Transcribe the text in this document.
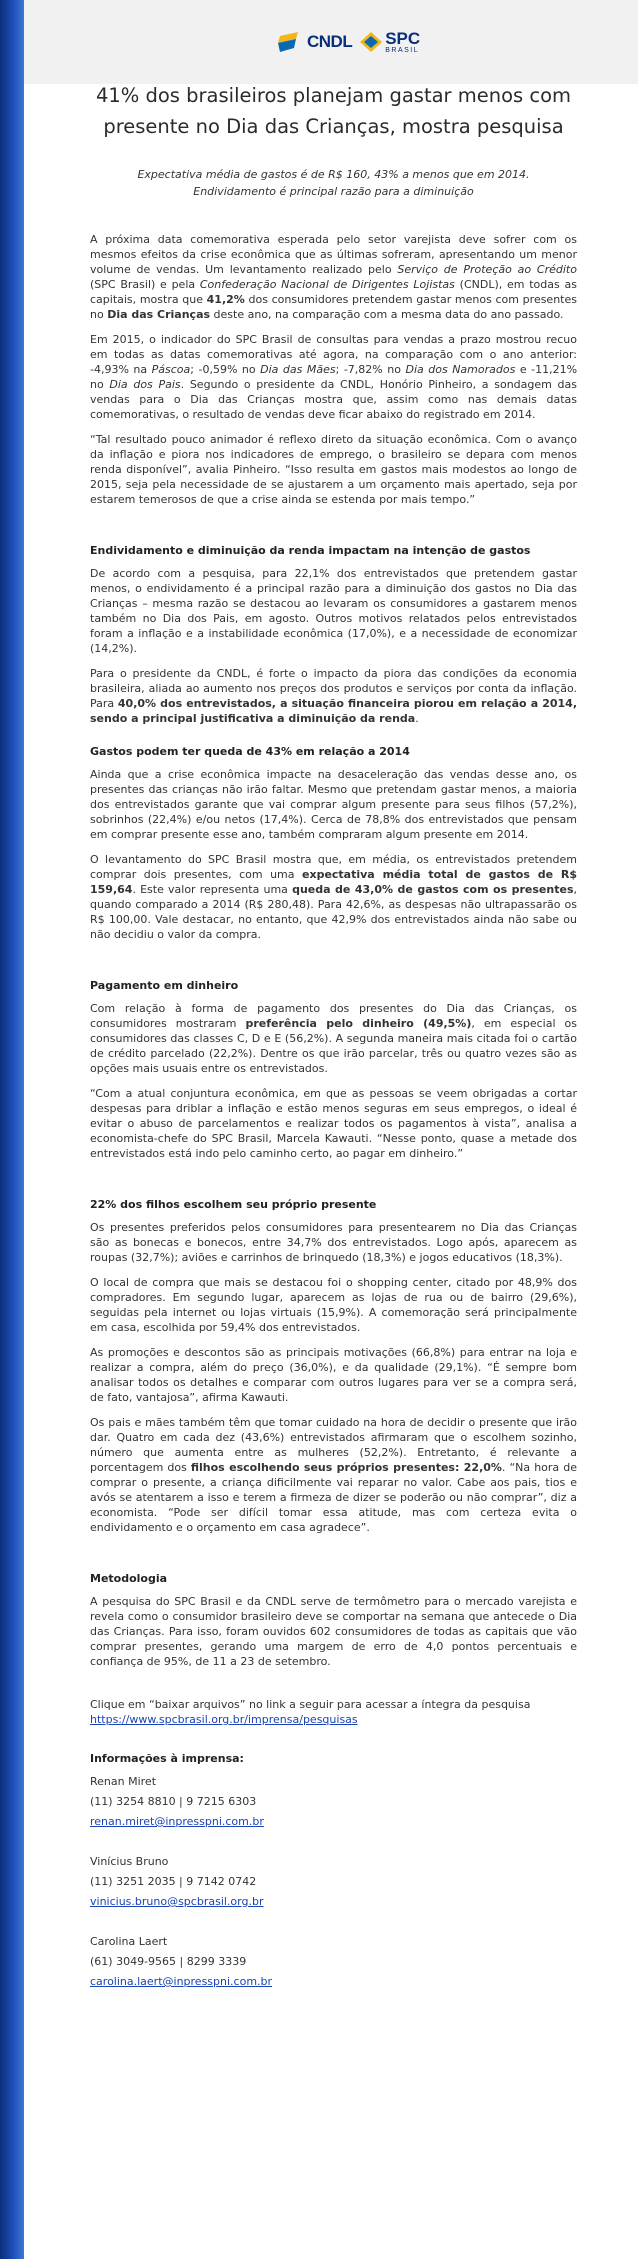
CNDL SPC
BRASIL
41% dos brasileiros planejam gastar menos com presente no Dia das Crianças, mostra pesquisa
Expectativa média de gastos é de R$ 160, 43% a menos que em 2014. Endividamento é principal razão para a diminuição

A próxima data comemorativa esperada pelo setor varejista deve sofrer com os mesmos efeitos da crise econômica que as últimas sofreram, apresentando um menor volume de vendas. Um levantamento realizado pelo Serviço de Proteção ao Crédito (SPC Brasil) e pela Confederação Nacional de Dirigentes Lojistas (CNDL), em todas as capitais, mostra que 41,2% dos consumidores pretendem gastar menos com presentes no Dia das Crianças deste ano, na comparação com a mesma data do ano passado.

Em 2015, o indicador do SPC Brasil de consultas para vendas a prazo mostrou recuo em todas as datas comemorativas até agora, na comparação com o ano anterior: -4,93% na Páscoa; -0,59% no Dia das Mães; -7,82% no Dia dos Namorados e -11,21% no Dia dos Pais. Segundo o presidente da CNDL, Honório Pinheiro, a sondagem das vendas para o Dia das Crianças mostra que, assim como nas demais datas comemorativas, o resultado de vendas deve ficar abaixo do registrado em 2014.

“Tal resultado pouco animador é reflexo direto da situação econômica. Com o avanço da inflação e piora nos indicadores de emprego, o brasileiro se depara com menos renda disponível”, avalia Pinheiro. “Isso resulta em gastos mais modestos ao longo de 2015, seja pela necessidade de se ajustarem a um orçamento mais apertado, seja por estarem temerosos de que a crise ainda se estenda por mais tempo.”

Endividamento e diminuição da renda impactam na intenção de gastos

De acordo com a pesquisa, para 22,1% dos entrevistados que pretendem gastar menos, o endividamento é a principal razão para a diminuição dos gastos no Dia das Crianças – mesma razão se destacou ao levaram os consumidores a gastarem menos também no Dia dos Pais, em agosto. Outros motivos relatados pelos entrevistados foram a inflação e a instabilidade econômica (17,0%), e a necessidade de economizar (14,2%).

Para o presidente da CNDL, é forte o impacto da piora das condições da economia brasileira, aliada ao aumento nos preços dos produtos e serviços por conta da inflação. Para 40,0% dos entrevistados, a situação financeira piorou em relação a 2014, sendo a principal justificativa a diminuição da renda.

Gastos podem ter queda de 43% em relação a 2014

Ainda que a crise econômica impacte na desaceleração das vendas desse ano, os presentes das crianças não irão faltar. Mesmo que pretendam gastar menos, a maioria dos entrevistados garante que vai comprar algum presente para seus filhos (57,2%), sobrinhos (22,4%) e/ou netos (17,4%). Cerca de 78,8% dos entrevistados que pensam em comprar presente esse ano, também compraram algum presente em 2014.

O levantamento do SPC Brasil mostra que, em média, os entrevistados pretendem comprar dois presentes, com uma expectativa média total de gastos de R$ 159,64. Este valor representa uma queda de 43,0% de gastos com os presentes, quando comparado a 2014 (R$ 280,48). Para 42,6%, as despesas não ultrapassarão os R$ 100,00. Vale destacar, no entanto, que 42,9% dos entrevistados ainda não sabe ou não decidiu o valor da compra.

Pagamento em dinheiro

Com relação à forma de pagamento dos presentes do Dia das Crianças, os consumidores mostraram preferência pelo dinheiro (49,5%), em especial os consumidores das classes C, D e E (56,2%). A segunda maneira mais citada foi o cartão de crédito parcelado (22,2%). Dentre os que irão parcelar, três ou quatro vezes são as opções mais usuais entre os entrevistados.

“Com a atual conjuntura econômica, em que as pessoas se veem obrigadas a cortar despesas para driblar a inflação e estão menos seguras em seus empregos, o ideal é evitar o abuso de parcelamentos e realizar todos os pagamentos à vista”, analisa a economista-chefe do SPC Brasil, Marcela Kawauti. “Nesse ponto, quase a metade dos entrevistados está indo pelo caminho certo, ao pagar em dinheiro.”

22% dos filhos escolhem seu próprio presente

Os presentes preferidos pelos consumidores para presentearem no Dia das Crianças são as bonecas e bonecos, entre 34,7% dos entrevistados. Logo após, aparecem as roupas (32,7%); aviões e carrinhos de brinquedo (18,3%) e jogos educativos (18,3%).

O local de compra que mais se destacou foi o shopping center, citado por 48,9% dos compradores. Em segundo lugar, aparecem as lojas de rua ou de bairro (29,6%), seguidas pela internet ou lojas virtuais (15,9%). A comemoração será principalmente em casa, escolhida por 59,4% dos entrevistados.

As promoções e descontos são as principais motivações (66,8%) para entrar na loja e realizar a compra, além do preço (36,0%), e da qualidade (29,1%). “É sempre bom analisar todos os detalhes e comparar com outros lugares para ver se a compra será, de fato, vantajosa”, afirma Kawauti.

Os pais e mães também têm que tomar cuidado na hora de decidir o presente que irão dar. Quatro em cada dez (43,6%) entrevistados afirmaram que o escolhem sozinho, número que aumenta entre as mulheres (52,2%). Entretanto, é relevante a porcentagem dos filhos escolhendo seus próprios presentes: 22,0%. “Na hora de comprar o presente, a criança dificilmente vai reparar no valor. Cabe aos pais, tios e avós se atentarem a isso e terem a firmeza de dizer se poderão ou não comprar”, diz a economista. “Pode ser difícil tomar essa atitude, mas com certeza evita o endividamento e o orçamento em casa agradece”.

Metodologia

A pesquisa do SPC Brasil e da CNDL serve de termômetro para o mercado varejista e revela como o consumidor brasileiro deve se comportar na semana que antecede o Dia das Crianças. Para isso, foram ouvidos 602 consumidores de todas as capitais que vão comprar presentes, gerando uma margem de erro de 4,0 pontos percentuais e confiança de 95%, de 11 a 23 de setembro.

Clique em “baixar arquivos” no link a seguir para acessar a íntegra da pesquisa

https://www.spcbrasil.org.br/imprensa/pesquisas

Informações à imprensa:

Renan Miret

(11) 3254 8810 | 9 7215 6303

renan.miret@inpresspni.com.br

Vinícius Bruno

(11) 3251 2035 | 9 7142 0742

vinicius.bruno@spcbrasil.org.br

Carolina Laert

(61) 3049-9565 | 8299 3339

carolina.laert@inpresspni.com.br
